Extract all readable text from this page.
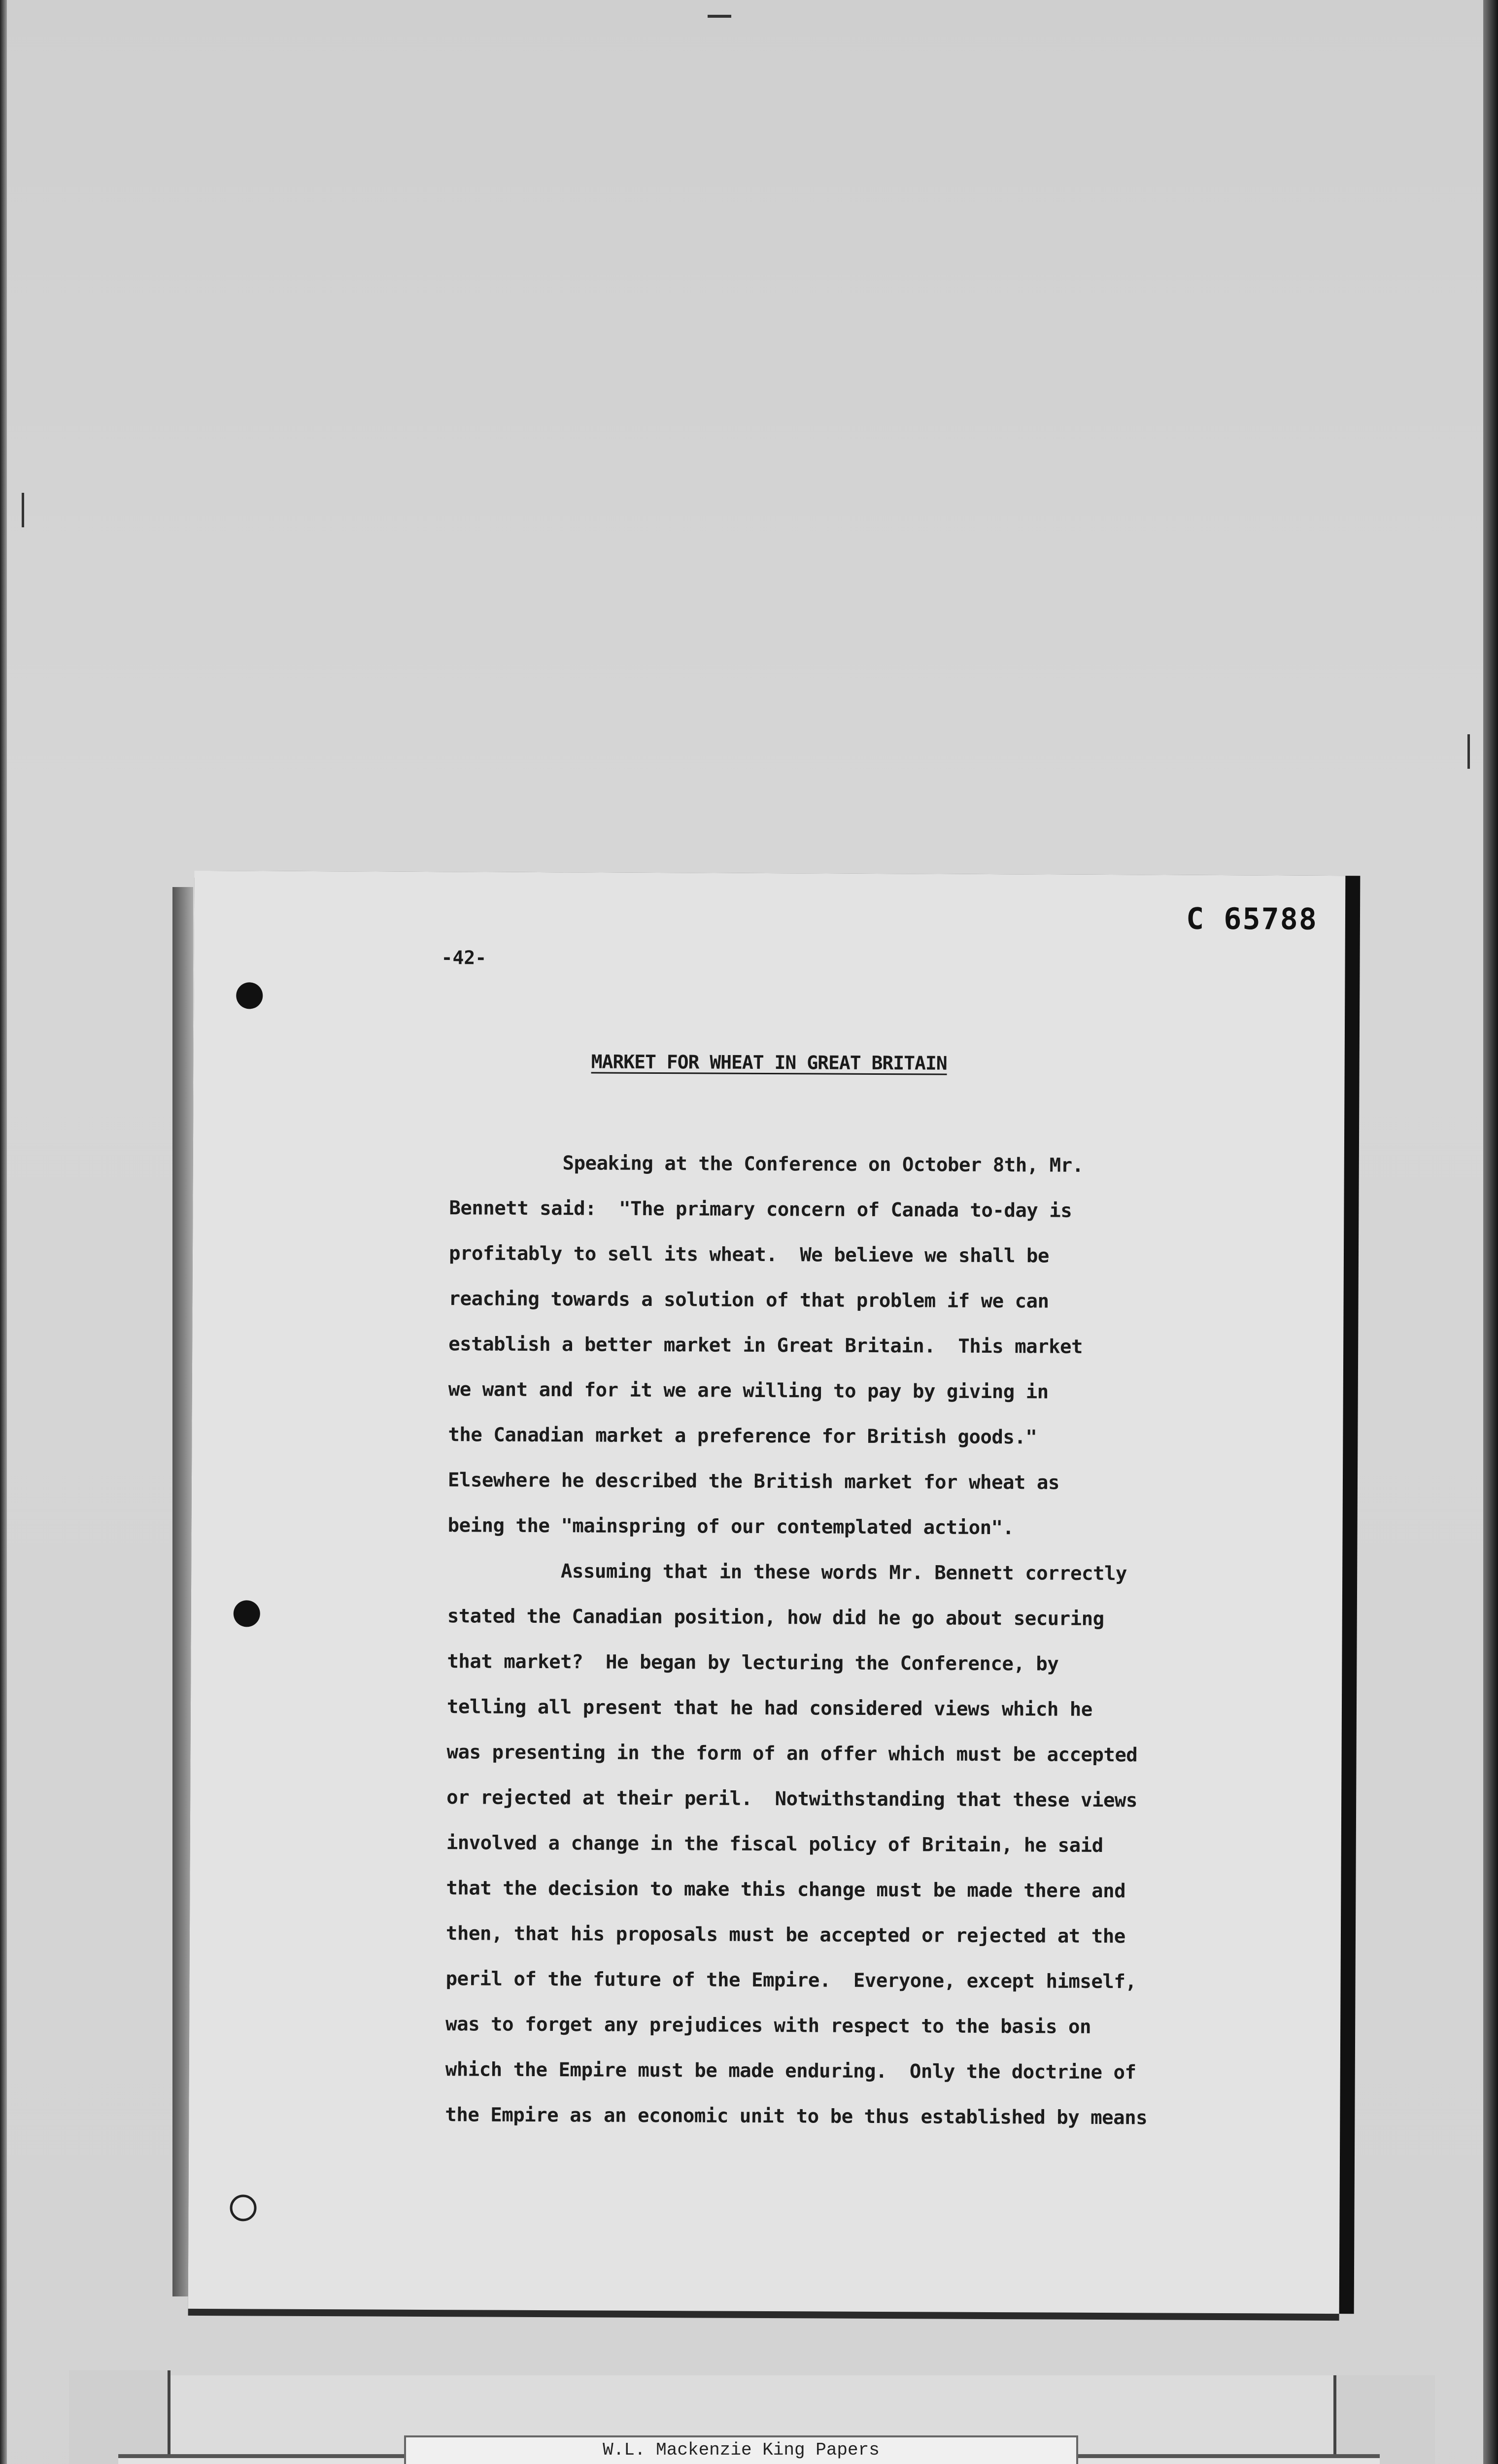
C 65788
-42-
MARKET FOR WHEAT IN GREAT BRITAIN
Speaking at the Conference on October 8th, Mr.
Bennett said:  "The primary concern of Canada to-day is
profitably to sell its wheat.  We believe we shall be
reaching towards a solution of that problem if we can
establish a better market in Great Britain.  This market
we want and for it we are willing to pay by giving in
the Canadian market a preference for British goods."
Elsewhere he described the British market for wheat as
being the "mainspring of our contemplated action".
Assuming that in these words Mr. Bennett correctly
stated the Canadian position, how did he go about securing
that market?  He began by lecturing the Conference, by
telling all present that he had considered views which he
was presenting in the form of an offer which must be accepted
or rejected at their peril.  Notwithstanding that these views
involved a change in the fiscal policy of Britain, he said
that the decision to make this change must be made there and
then, that his proposals must be accepted or rejected at the
peril of the future of the Empire.  Everyone, except himself,
was to forget any prejudices with respect to the basis on
which the Empire must be made enduring.  Only the doctrine of
the Empire as an economic unit to be thus established by means
W.L. Mackenzie King Papers
